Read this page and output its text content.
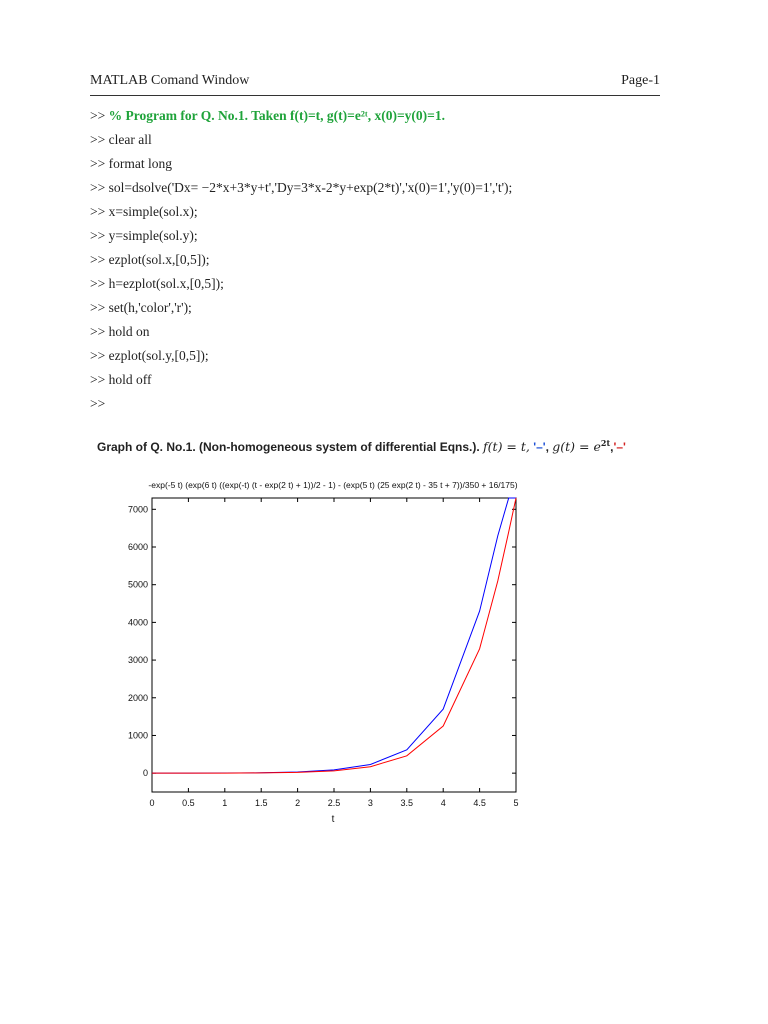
MATLAB Comand Window	Page-1
>> % Program for Q. No.1. Taken f(t)=t, g(t)=e²ᵗ, x(0)=y(0)=1.
>> clear all
>> format long
>> sol=dsolve('Dx= −2*x+3*y+t','Dy=3*x-2*y+exp(2*t)','x(0)=1','y(0)=1','t');
>> x=simple(sol.x);
>> y=simple(sol.y);
>> ezplot(sol.x,[0,5]);
>> h=ezplot(sol.x,[0,5]);
>> set(h,'color','r');
>> hold on
>> ezplot(sol.y,[0,5]);
>> hold off
>>
Graph of Q. No.1. (Non-homogeneous system of differential Eqns.). f(t) = t, '–', $g(t) = e^{2t},'-'$
-exp(-5 t) (exp(6 t) ((exp(-t) (t - exp(2 t) + 1))/2 - 1) - (exp(5 t) (25 exp(2 t) - 35 t + 7))/350 + 16/175)
0	0.5	1	1.5	2	2.5	3	3.5	4	4.5	5
0
1000
2000
3000
4000
5000
6000
7000
t
